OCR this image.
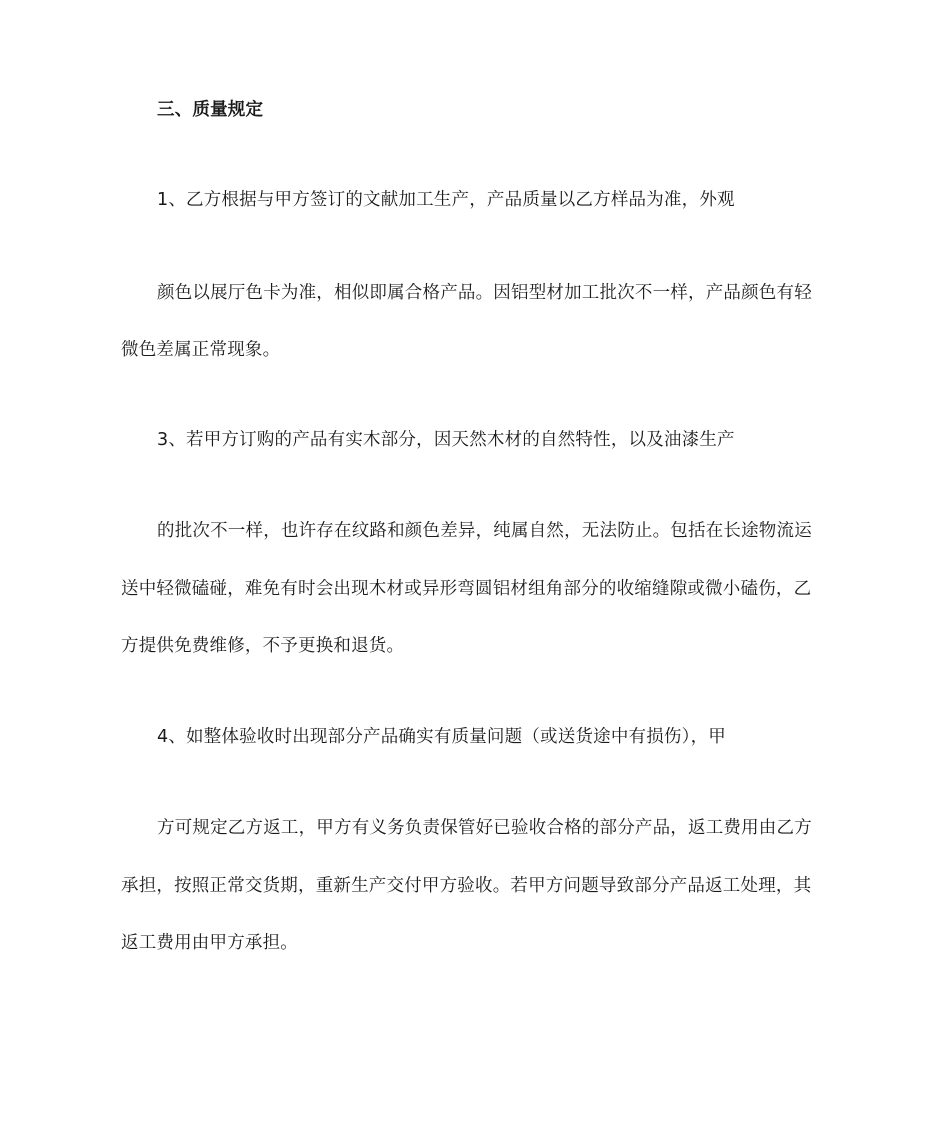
三、质量规定
1、乙方根据与甲方签订的文献加工生产，产品质量以乙方样品为准，外观
颜色以展厅色卡为准，相似即属合格产品。因铝型材加工批次不一样，产品颜色有轻
微色差属正常现象。
3、若甲方订购的产品有实木部分，因天然木材的自然特性，以及油漆生产
的批次不一样，也许存在纹路和颜色差异，纯属自然，无法防止。包括在长途物流运
送中轻微磕碰，难免有时会出现木材或异形弯圆铝材组角部分的收缩缝隙或微小磕伤，乙
方提供免费维修，不予更换和退货。
4、如整体验收时出现部分产品确实有质量问题（或送货途中有损伤），甲
方可规定乙方返工，甲方有义务负责保管好已验收合格的部分产品，返工费用由乙方
承担，按照正常交货期，重新生产交付甲方验收。若甲方问题导致部分产品返工处理，其
返工费用由甲方承担。
